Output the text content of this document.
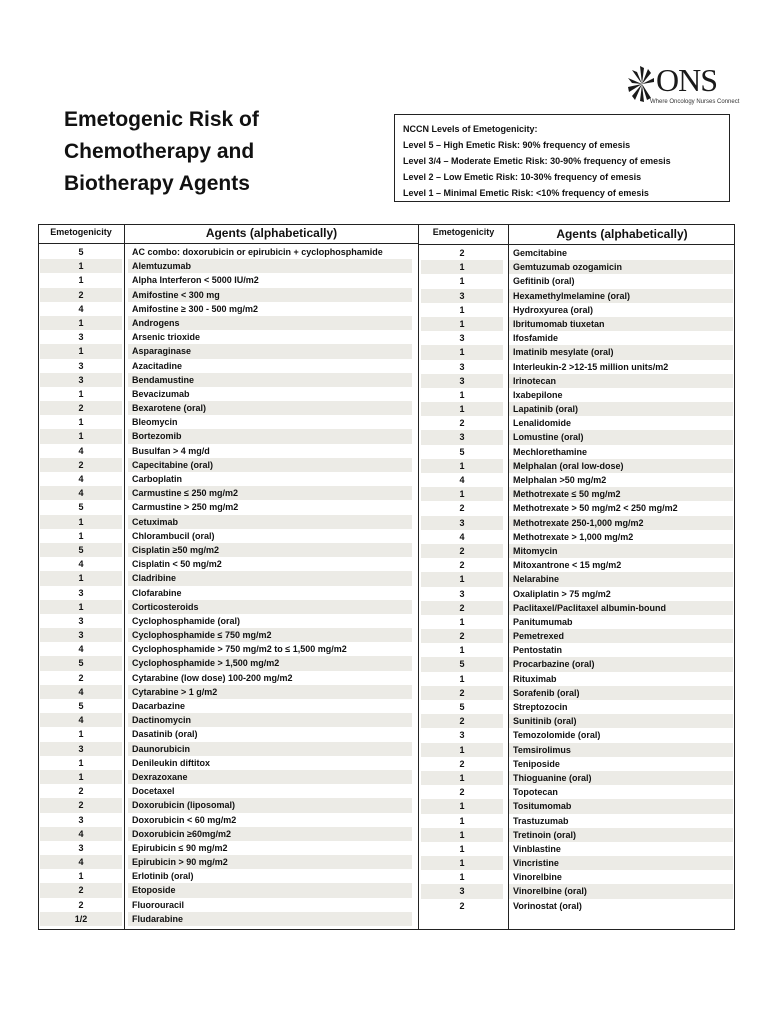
ONS
Where Oncology Nurses Connect
Emetogenic Risk of
Chemotherapy and
Biotherapy Agents
NCCN Levels of Emetogenicity:
Level 5 – High Emetic Risk: 90% frequency of emesis
Level 3/4 – Moderate Emetic Risk: 30-90% frequency of emesis
Level 2 – Low Emetic Risk: 10-30% frequency of emesis
Level 1 – Minimal Emetic Risk: <10% frequency of emesis
Emetogenicity	Agents (alphabetically)	Emetogenicity	Agents (alphabetically)
5	AC combo: doxorubicin or epirubicin + cyclophosphamide
1	Alemtuzumab
1	Alpha Interferon < 5000 IU/m2
2	Amifostine < 300 mg
4	Amifostine ≥ 300 - 500 mg/m2
1	Androgens
3	Arsenic trioxide
1	Asparaginase
3	Azacitadine
3	Bendamustine
1	Bevacizumab
2	Bexarotene (oral)
1	Bleomycin
1	Bortezomib
4	Busulfan > 4 mg/d
2	Capecitabine (oral)
4	Carboplatin
4	Carmustine ≤ 250 mg/m2
5	Carmustine > 250 mg/m2
1	Cetuximab
1	Chlorambucil (oral)
5	Cisplatin ≥50 mg/m2
4	Cisplatin < 50 mg/m2
1	Cladribine
3	Clofarabine
1	Corticosteroids
3	Cyclophosphamide (oral)
3	Cyclophosphamide ≤ 750 mg/m2
4	Cyclophosphamide > 750 mg/m2 to ≤ 1,500 mg/m2
5	Cyclophosphamide > 1,500 mg/m2
2	Cytarabine (low dose) 100-200 mg/m2
4	Cytarabine > 1 g/m2
5	Dacarbazine
4	Dactinomycin
1	Dasatinib (oral)
3	Daunorubicin
1	Denileukin diftitox
1	Dexrazoxane
2	Docetaxel
2	Doxorubicin (liposomal)
3	Doxorubicin < 60 mg/m2
4	Doxorubicin ≥60mg/m2
3	Epirubicin ≤ 90 mg/m2
4	Epirubicin > 90 mg/m2
1	Erlotinib (oral)
2	Etoposide
2	Fluorouracil
1/2	Fludarabine
2	Gemcitabine
1	Gemtuzumab ozogamicin
1	Gefitinib (oral)
3	Hexamethylmelamine (oral)
1	Hydroxyurea (oral)
1	Ibritumomab tiuxetan
3	Ifosfamide
1	Imatinib mesylate (oral)
3	Interleukin-2 >12-15 million units/m2
3	Irinotecan
1	Ixabepilone
1	Lapatinib (oral)
2	Lenalidomide
3	Lomustine (oral)
5	Mechlorethamine
1	Melphalan (oral low-dose)
4	Melphalan >50 mg/m2
1	Methotrexate ≤ 50 mg/m2
2	Methotrexate > 50 mg/m2 < 250 mg/m2
3	Methotrexate 250-1,000 mg/m2
4	Methotrexate > 1,000 mg/m2
2	Mitomycin
2	Mitoxantrone < 15 mg/m2
1	Nelarabine
3	Oxaliplatin > 75 mg/m2
2	Paclitaxel/Paclitaxel albumin-bound
1	Panitumumab
2	Pemetrexed
1	Pentostatin
5	Procarbazine (oral)
1	Rituximab
2	Sorafenib (oral)
5	Streptozocin
2	Sunitinib (oral)
3	Temozolomide (oral)
1	Temsirolimus
2	Teniposide
1	Thioguanine (oral)
2	Topotecan
1	Tositumomab
1	Trastuzumab
1	Tretinoin (oral)
1	Vinblastine
1	Vincristine
1	Vinorelbine
3	Vinorelbine (oral)
2	Vorinostat (oral)
